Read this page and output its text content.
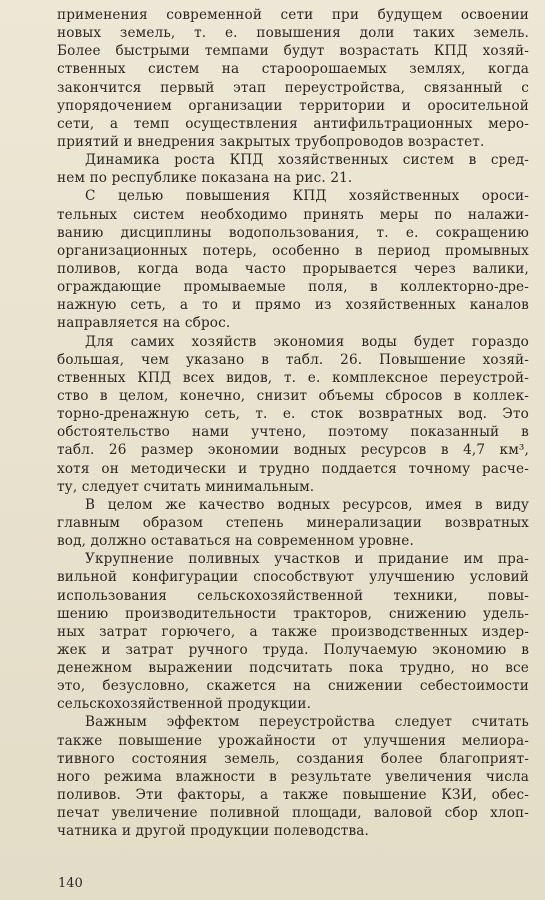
применения современной сети при будущем освоении
новых земель, т. е. повышения доли таких земель.
Более быстрыми темпами будут возрастать КПД хозяй-
ственных систем на староорошаемых землях, когда
закончится первый этап переустройства, связанный с
упорядочением организации территории и оросительной
сети, а темп осуществления антифильтрационных меро-
приятий и внедрения закрытых трубопроводов возрастет.
Динамика роста КПД хозяйственных систем в сред-
нем по республике показана на рис. 21.
С целью повышения КПД хозяйственных ороси-
тельных систем необходимо принять меры по налажи-
ванию дисциплины водопользования, т. е. сокращению
организационных потерь, особенно в период промывных
поливов, когда вода часто прорывается через валики,
ограждающие промываемые поля, в коллекторно-дре-
нажную сеть, а то и прямо из хозяйственных каналов
направляется на сброс.
Для самих хозяйств экономия воды будет гораздо
большая, чем указано в табл. 26. Повышение хозяй-
ственных КПД всех видов, т. е. комплексное переустрой-
ство в целом, конечно, снизит объемы сбросов в коллек-
торно-дренажную сеть, т. е. сток возвратных вод. Это
обстоятельство нами учтено, поэтому показанный в
табл. 26 размер экономии водных ресурсов в 4,7 км³,
хотя он методически и трудно поддается точному расче-
ту, следует считать минимальным.
В целом же качество водных ресурсов, имея в виду
главным образом степень минерализации возвратных
вод, должно оставаться на современном уровне.
Укрупнение поливных участков и придание им пра-
вильной конфигурации способствуют улучшению условий
использования сельскохозяйственной техники, повы-
шению производительности тракторов, снижению удель-
ных затрат горючего, а также производственных издер-
жек и затрат ручного труда. Получаемую экономию в
денежном выражении подсчитать пока трудно, но все
это, безусловно, скажется на снижении себестоимости
сельскохозяйственной продукции.
Важным эффектом переустройства следует считать
также повышение урожайности от улучшения мелиора-
тивного состояния земель, создания более благоприят-
ного режима влажности в результате увеличения числа
поливов. Эти факторы, а также повышение КЗИ, обес-
печат увеличение поливной площади, валовой сбор хлоп-
чатника и другой продукции полеводства.
140
